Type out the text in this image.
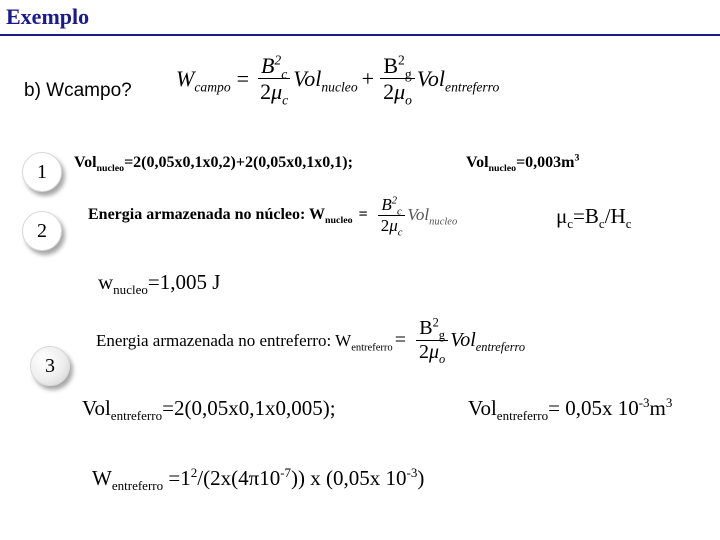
Exemplo
b) Wcampo? $W_{campo} = \frac{B^2_c}{2\mu_c} Vol_{nucleo} + \frac{B^2_g}{2\mu_o} Vol_{entreferro}$
1	Vol$_{nucleo}$=2(0,05x0,1x0,2)+2(0,05x0,1x0,1);	$Vol_{nucleo}=0,003m^3$
2
Energia armazenada no núcleo: $W_{nucleo} = \frac{B^2_c}{2\mu_c} Vol_{nucleo}$	$\mu_c=B_c/H_c$
$w_{nucleo}=1,005$ J
3
Energia armazenada no entreferro: $W_{entreferro} = \frac{B^2_g}{2\mu_o} Vol_{entreferro}$
Vol$_{entreferro}$=2(0,05x0,1x0,005);	Vol$_{entreferro}$= 0,05x $10^{-3}m^3$
$W_{entreferro} =1^2/(2x(4\pi 10^{-7}))$ x (0,05x $10^{-3}$)
